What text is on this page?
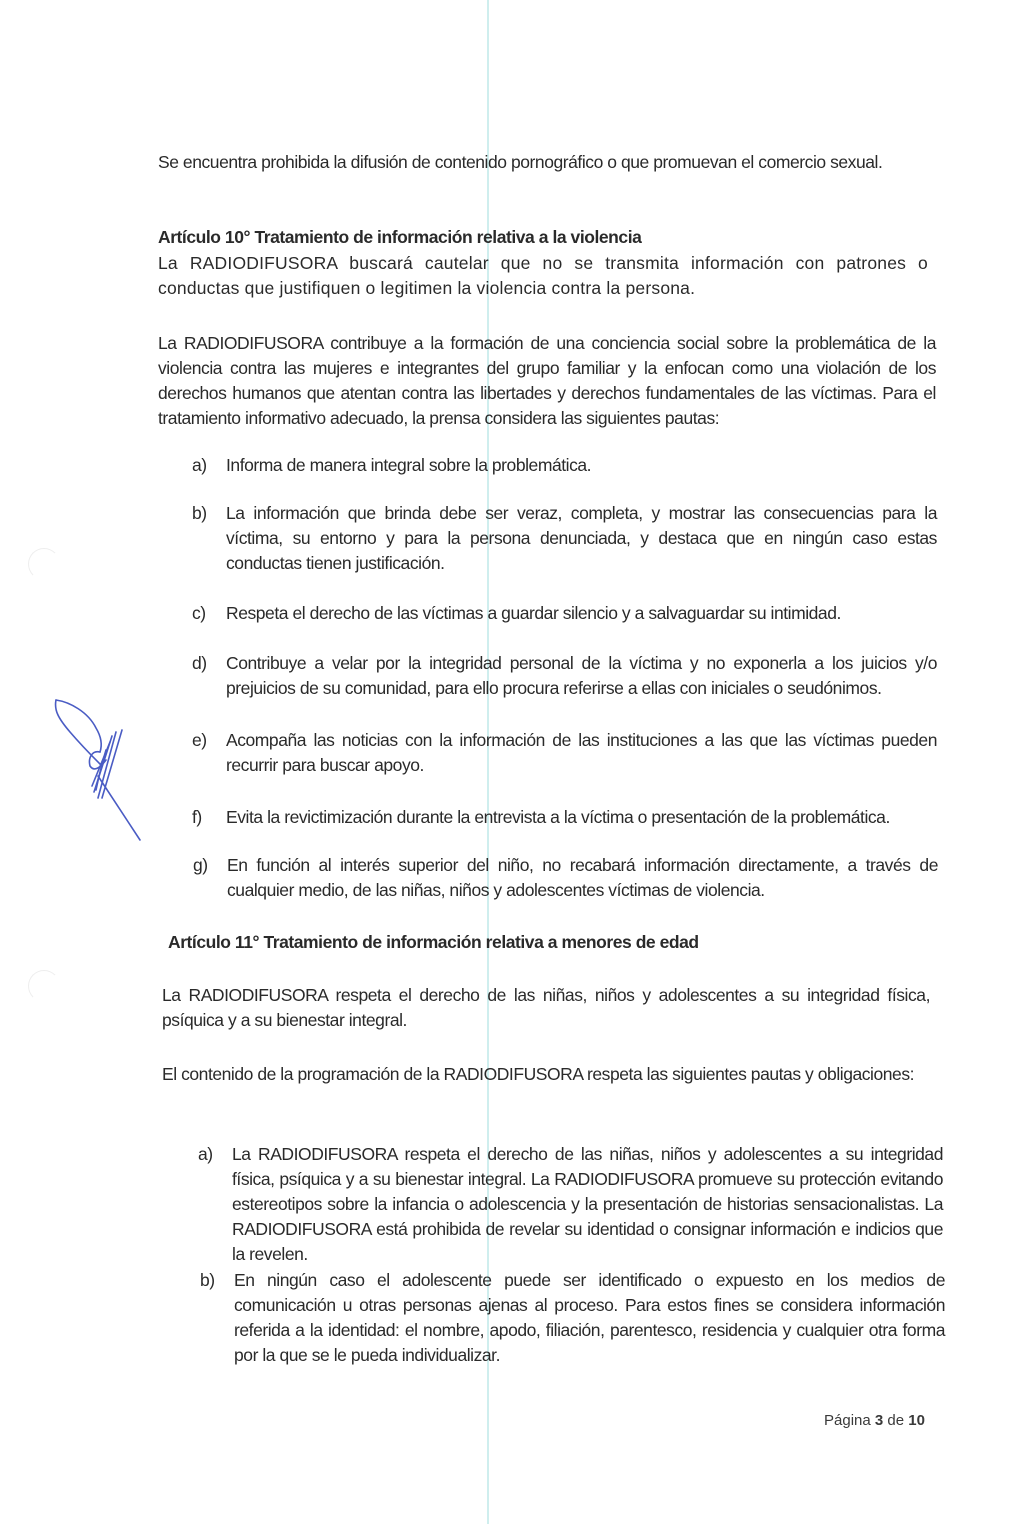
Se encuentra prohibida la difusión de contenido pornográfico o que promuevan el comercio sexual.
Artículo 10° Tratamiento de información relativa a la violencia
La RADIODIFUSORA buscará cautelar que no se transmita información con patrones o conductas que justifiquen o legitimen la violencia contra la persona.
La RADIODIFUSORA contribuye a la formación de una conciencia social sobre la problemática de la violencia contra las mujeres e integrantes del grupo familiar y la enfocan como una violación de los derechos humanos que atentan contra las libertades y derechos fundamentales de las víctimas. Para el tratamiento informativo adecuado, la prensa considera las siguientes pautas:
a) Informa de manera integral sobre la problemática.
b) La información que brinda debe ser veraz, completa, y mostrar las consecuencias para la víctima, su entorno y para la persona denunciada, y destaca que en ningún caso estas conductas tienen justificación.
c) Respeta el derecho de las víctimas a guardar silencio y a salvaguardar su intimidad.
d) Contribuye a velar por la integridad personal de la víctima y no exponerla a los juicios y/o prejuicios de su comunidad, para ello procura referirse a ellas con iniciales o seudónimos.
e) Acompaña las noticias con la información de las instituciones a las que las víctimas pueden recurrir para buscar apoyo.
f) Evita la revictimización durante la entrevista a la víctima o presentación de la problemática.
g) En función al interés superior del niño, no recabará información directamente, a través de cualquier medio, de las niñas, niños y adolescentes víctimas de violencia.
Artículo 11° Tratamiento de información relativa a menores de edad
La RADIODIFUSORA respeta el derecho de las niñas, niños y adolescentes a su integridad física, psíquica y a su bienestar integral.
El contenido de la programación de la RADIODIFUSORA respeta las siguientes pautas y obligaciones:
a) La RADIODIFUSORA respeta el derecho de las niñas, niños y adolescentes a su integridad física, psíquica y a su bienestar integral. La RADIODIFUSORA promueve su protección evitando estereotipos sobre la infancia o adolescencia y la presentación de historias sensacionalistas. La RADIODIFUSORA está prohibida de revelar su identidad o consignar información e indicios que la revelen.
b) En ningún caso el adolescente puede ser identificado o expuesto en los medios de comunicación u otras personas ajenas al proceso. Para estos fines se considera información referida a la identidad: el nombre, apodo, filiación, parentesco, residencia y cualquier otra forma por la que se le pueda individualizar.
Página 3 de 10
